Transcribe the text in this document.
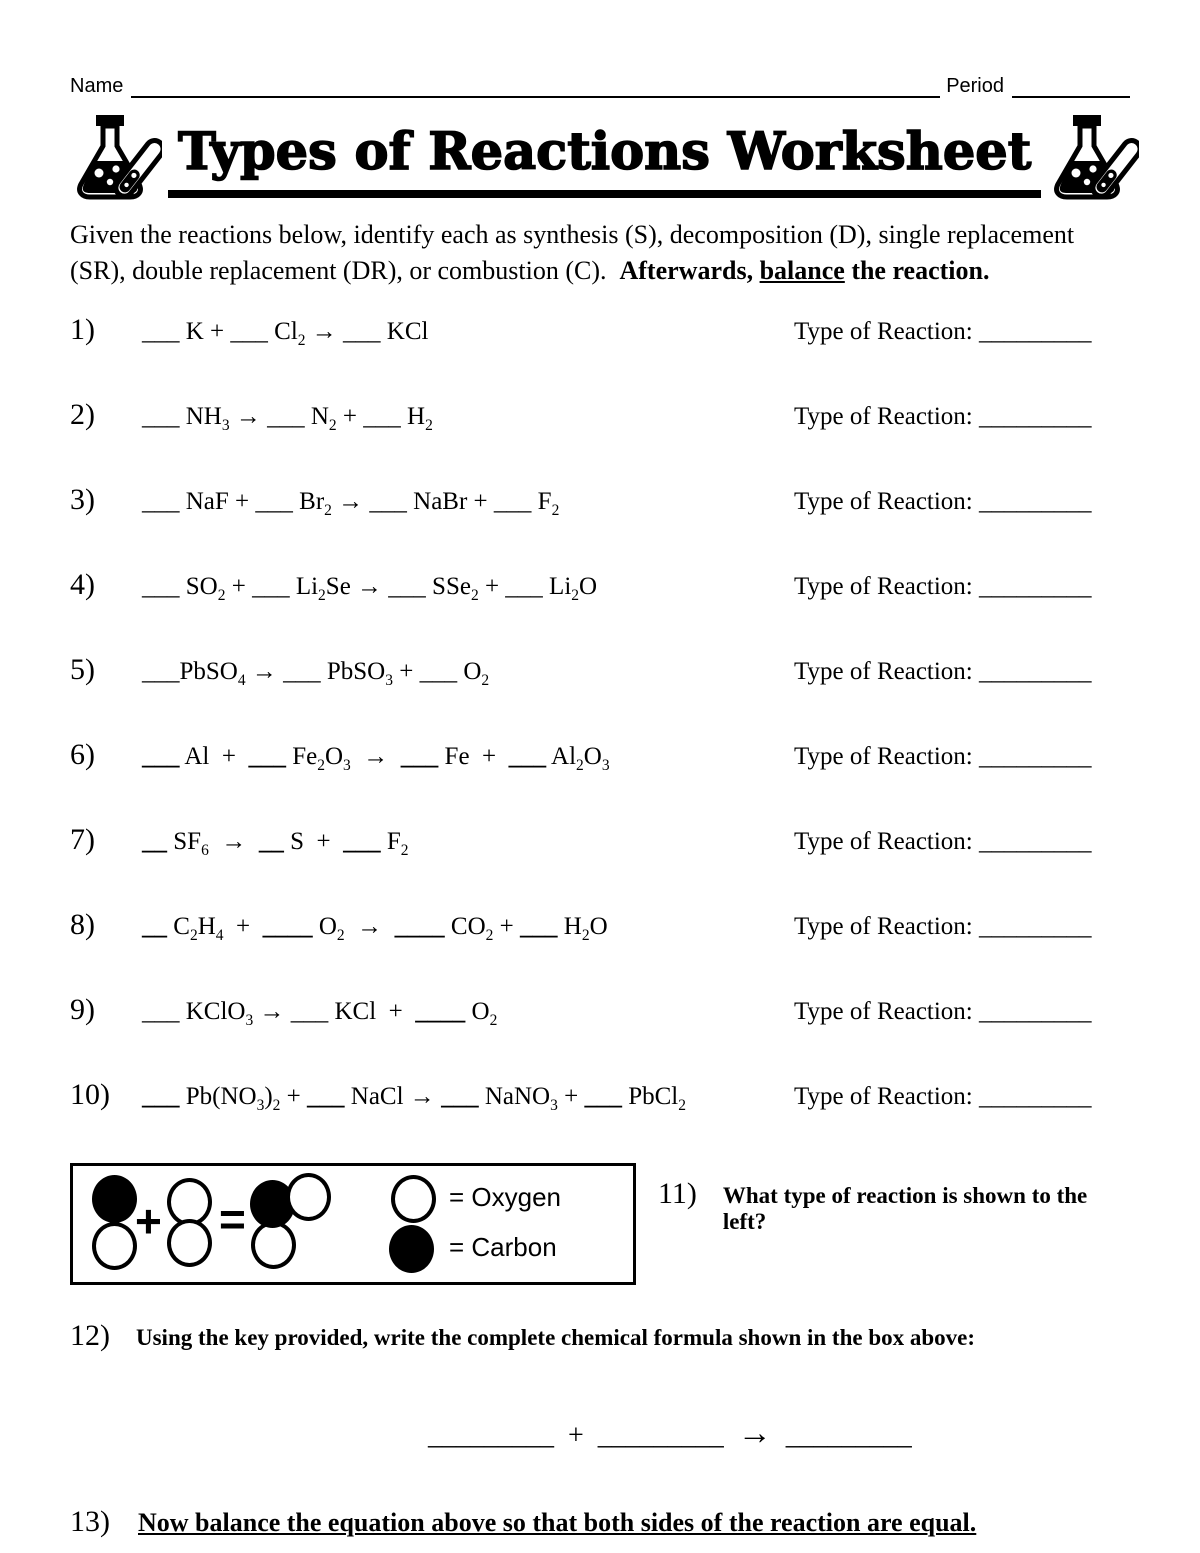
Name	Period
Types of Reactions Worksheet
Given the reactions below, identify each as synthesis (S), decomposition (D), single replacement
(SR), double replacement (DR), or combustion (C).  Afterwards, balance the reaction.
1)	___ K + ___ $Cl_2$ → ___ KCl	Type of Reaction: _________
2)	___ $NH_3$ → ___ $N_2$ + ___ $H_2$	Type of Reaction: _________
3)	___ NaF + ___ $Br_2$ → ___ NaBr + ___ $F_2$	Type of Reaction: _________
4)	___ $SO_2$ + ___ $Li_2Se$ → ___ SSe$_2$ + ___ $Li_2O$	Type of Reaction: _________
5)	___PbSO$_4$ → ___ PbSO$_3$ + ___ $O_2$	Type of Reaction: _________
6)	___ Al  +  ___ $Fe_2O_3$  →  ___ Fe  +  ___ $Al_2O_3$	Type of Reaction: _________
7)	__ $SF_6$  →  __ S  +  ___ $F_2$	Type of Reaction: _________
8)	__ $C_2H_4$  +  ____ $O_2$  →  ____ $CO_2$ + ___ $H_2O$	Type of Reaction: _________
9)	___ KClO$_3$ → ___ KCl  +  ____ $O_2$	Type of Reaction: _________
10)	___ $Pb(NO_3)_2$ + ___ NaCl → ___ NaNO$_3$ + ___ PbCl$_2$	Type of Reaction: _________
+ =	= Oxygen
= Carbon
11) What type of reaction is shown to the left?
12) Using the key provided, write the complete chemical formula shown in the box above:
_________ + _________ → _________
13) Now balance the equation above so that both sides of the reaction are equal.
